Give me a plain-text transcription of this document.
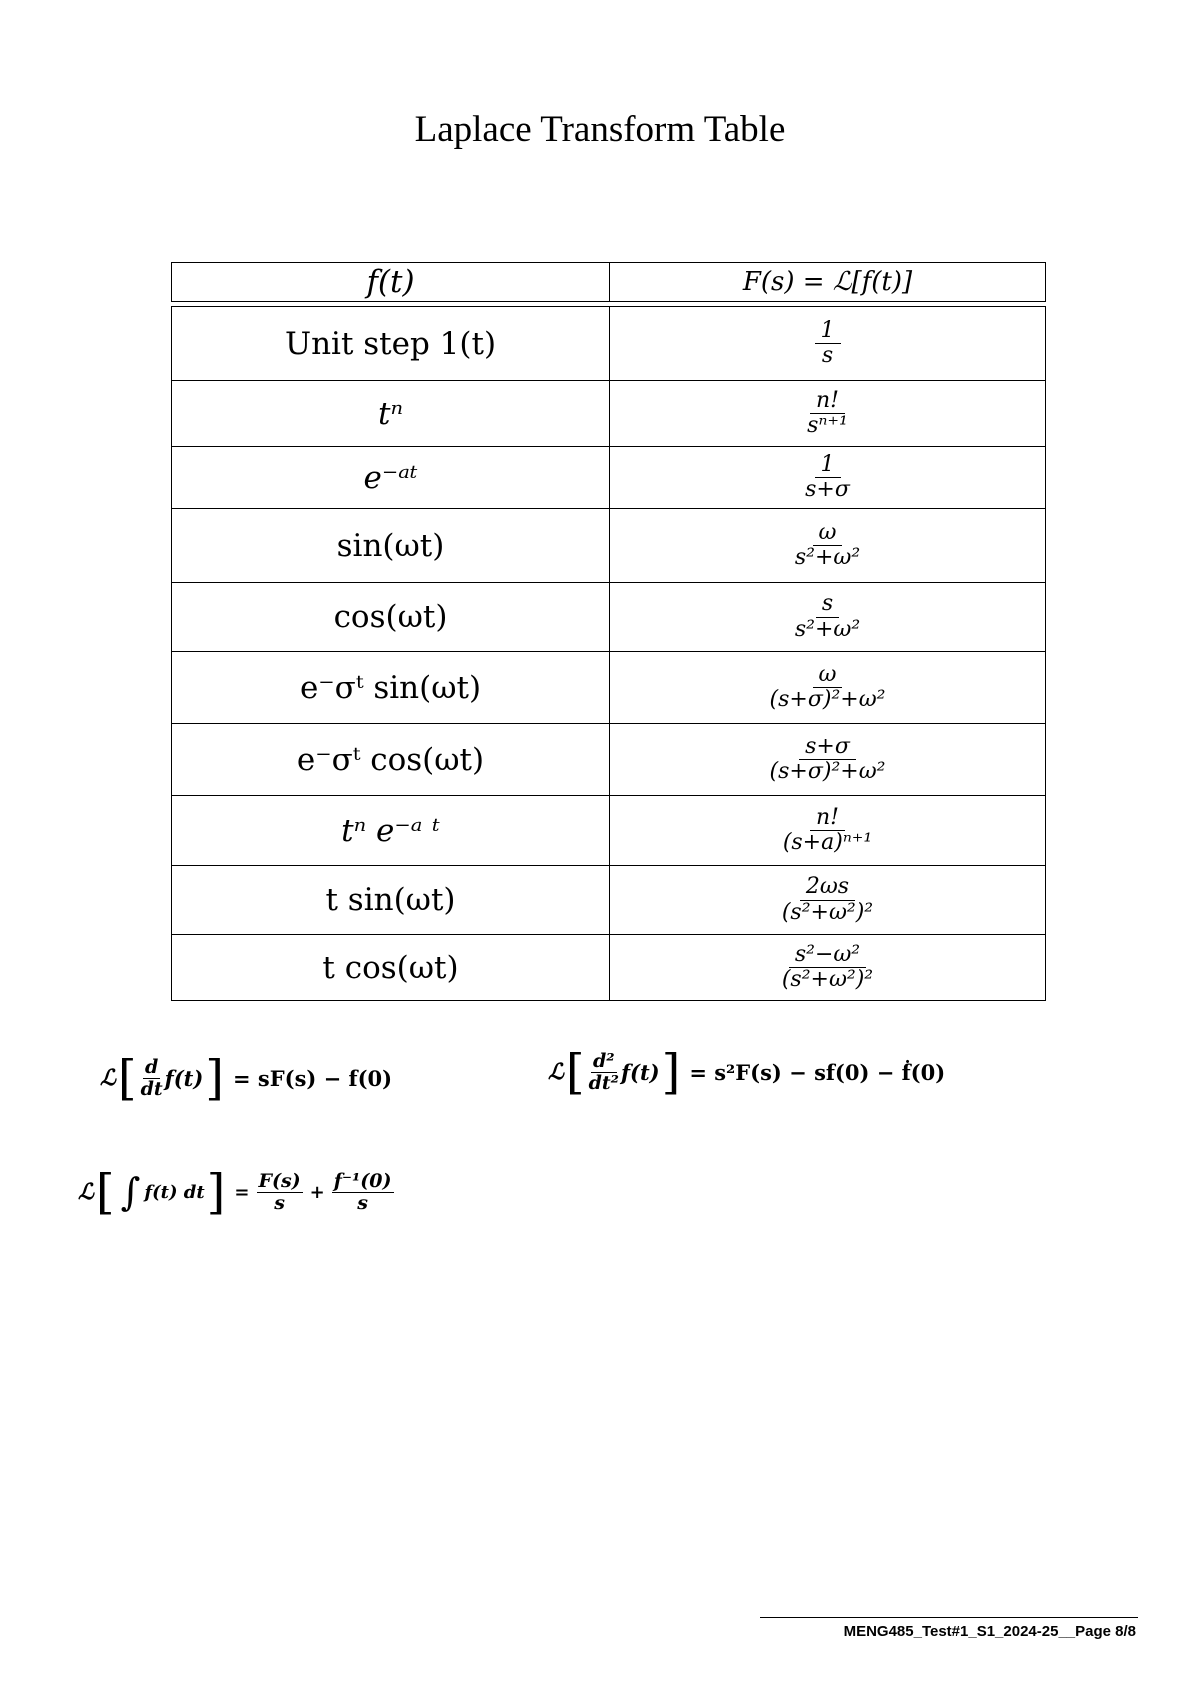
Laplace Transform Table
f(t)	F(s) = ℒ[f(t)]

Unit step 1(t)	$\frac{1}{s}$

tⁿ	$\frac{n!}{\text{sⁿ⁺¹}}$

e⁻ᵃᵗ	$\frac{1}{s+\sigma}$

sin(ωt)	$\frac{\omega}{\text{s²+ω²}}$

cos(ωt)	$\frac{s}{\text{s²+ω²}}$

e⁻σᵗ sin(ωt)	$\frac{\omega}{\text{(s+σ)²+ω²}}$

e⁻σᵗ cos(ωt)	$\frac{s+\sigma}{\text{(s+σ)²+ω²}}$

tⁿ e⁻ᵃ ᵗ	$\frac{n!}{\text{(s+a)ⁿ⁺¹}}$

t sin(ωt)	$\frac{2\omega s}{\text{(s²+ω²)²}}$

t cos(ωt)	$\frac{\text{s²−ω²}}{\text{(s²+ω²)²}}$
ℒ [ $\frac{d}{dt} f(t)$ ] = sF(s) − f(0)	ℒ [ $\frac{\text{d²}}{\text{dt²}} f(t)$ ] = s²F(s) − sf(0) − ḟ(0)
ℒ [ ∫ f(t) dt ] = $\frac{F(s)}{s} + \frac{\text{f⁻¹(0)}}{s}$
MENG485_Test#1_S1_2024-25__Page 8/8
